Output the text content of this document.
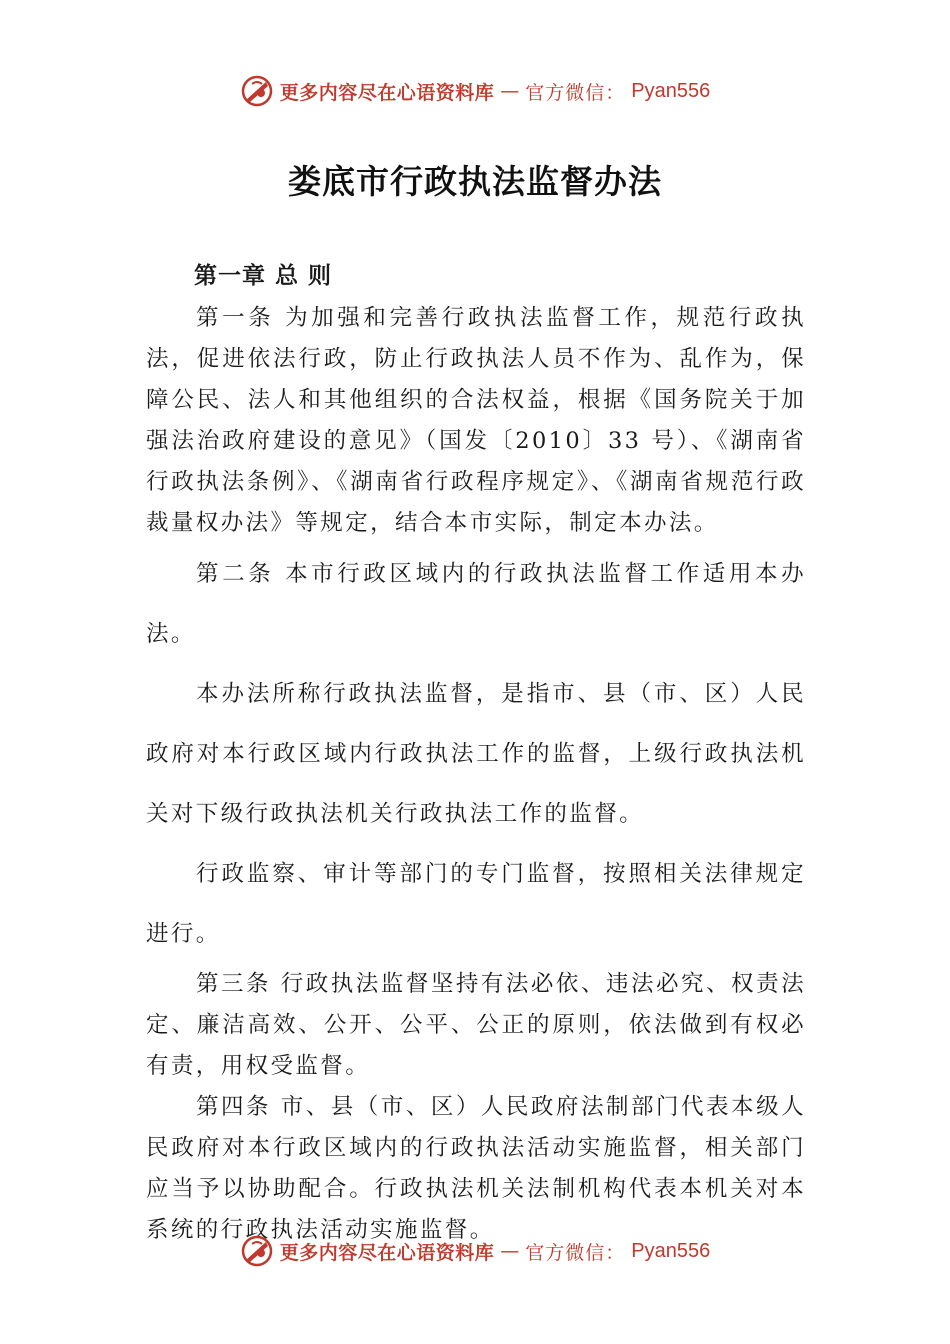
更多内容尽在心语资料库 — 官方微信： Pyan556
娄底市行政执法监督办法

第一章 总 则

第一条 为加强和完善行政执法监督工作，规范行政执法，促进依法行政，防止行政执法人员不作为、乱作为，保障公民、法人和其他组织的合法权益，根据《国务院关于加强法治政府建设的意见》（国发〔2010〕33 号）、《湖南省行政执法条例》、《湖南省行政程序规定》、《湖南省规范行政裁量权办法》等规定，结合本市实际，制定本办法。

第二条 本市行政区域内的行政执法监督工作适用本办法。

本办法所称行政执法监督，是指市、县（市、区）人民政府对本行政区域内行政执法工作的监督，上级行政执法机关对下级行政执法机关行政执法工作的监督。

行政监察、审计等部门的专门监督，按照相关法律规定进行。

第三条 行政执法监督坚持有法必依、违法必究、权责法定、廉洁高效、公开、公平、公正的原则，依法做到有权必有责，用权受监督。

第四条 市、县（市、区）人民政府法制部门代表本级人民政府对本行政区域内的行政执法活动实施监督，相关部门应当予以协助配合。行政执法机关法制机构代表本机关对本系统的行政执法活动实施监督。

更多内容尽在心语资料库 — 官方微信： Pyan556
